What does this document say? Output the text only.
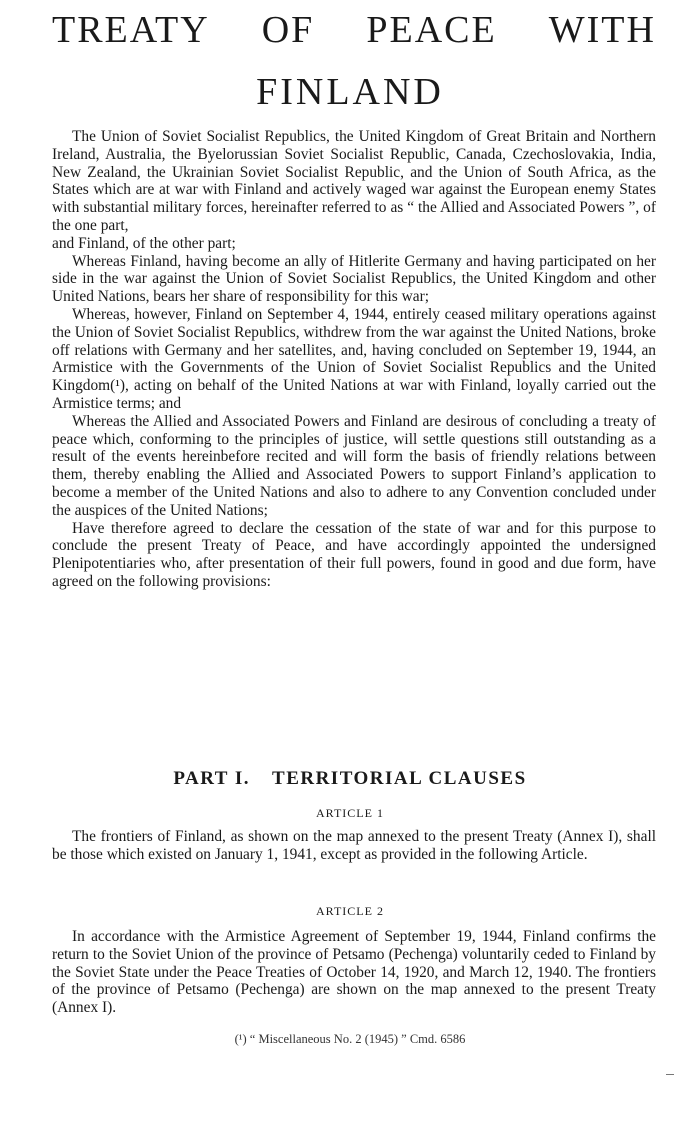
TREATY OF PEACE WITH
FINLAND

The Union of Soviet Socialist Republics, the United Kingdom of Great Britain and Northern Ireland, Australia, the Byelorussian Soviet Socialist Republic, Canada, Czechoslovakia, India, New Zealand, the Ukrainian Soviet Socialist Republic, and the Union of South Africa, as the States which are at war with Finland and actively waged war against the European enemy States with substantial military forces, hereinafter referred to as “ the Allied and Associated Powers ”, of the one part,

and Finland, of the other part;

Whereas Finland, having become an ally of Hitlerite Germany and having participated on her side in the war against the Union of Soviet Socialist Republics, the United Kingdom and other United Nations, bears her share of responsibility for this war;

Whereas, however, Finland on September 4, 1944, entirely ceased military operations against the Union of Soviet Socialist Republics, withdrew from the war against the United Nations, broke off relations with Germany and her satellites, and, having concluded on September 19, 1944, an Armistice with the Governments of the Union of Soviet Socialist Republics and the United Kingdom(¹), acting on behalf of the United Nations at war with Finland, loyally carried out the Armistice terms; and

Whereas the Allied and Associated Powers and Finland are desirous of concluding a treaty of peace which, conforming to the principles of justice, will settle questions still outstanding as a result of the events hereinbefore recited and will form the basis of friendly relations between them, thereby enabling the Allied and Associated Powers to support Finland’s application to become a member of the United Nations and also to adhere to any Convention concluded under the auspices of the United Nations;

Have therefore agreed to declare the cessation of the state of war and for this purpose to conclude the present Treaty of Peace, and have accordingly appointed the undersigned Plenipotentiaries who, after presentation of their full powers, found in good and due form, have agreed on the following provisions:

PART I. TERRITORIAL CLAUSES
ARTICLE 1
The frontiers of Finland, as shown on the map annexed to the present Treaty (Annex I), shall be those which existed on January 1, 1941, except as provided in the following Article.
ARTICLE 2
In accordance with the Armistice Agreement of September 19, 1944, Finland confirms the return to the Soviet Union of the province of Petsamo (Pechenga) voluntarily ceded to Finland by the Soviet State under the Peace Treaties of October 14, 1920, and March 12, 1940. The frontiers of the province of Petsamo (Pechenga) are shown on the map annexed to the present Treaty (Annex I).
(¹) “ Miscellaneous No. 2 (1945) ” Cmd. 6586
